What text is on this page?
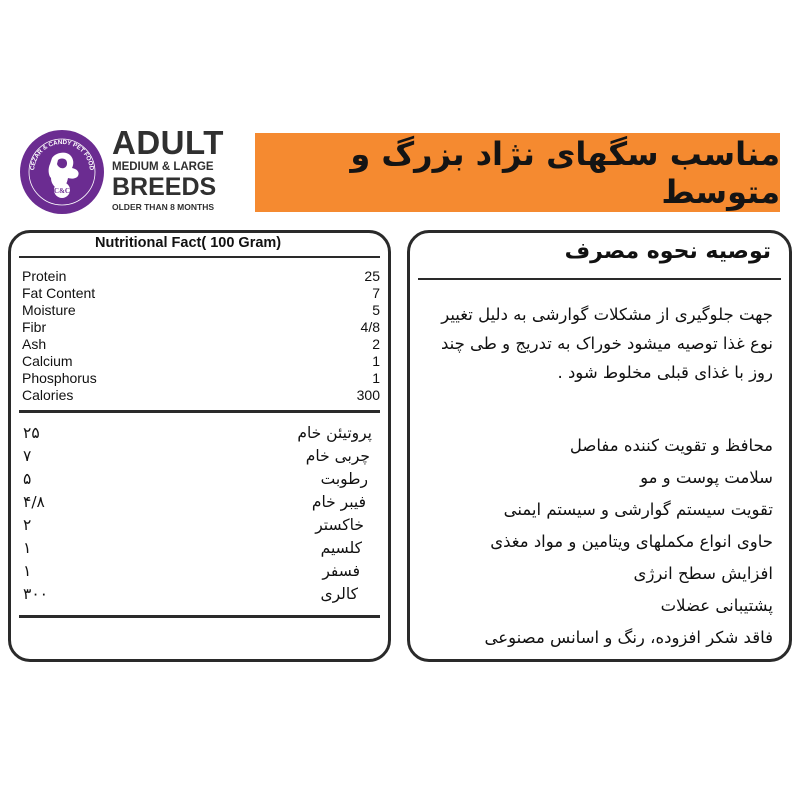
CEZAR & CANDY PET FOOD
C&C
ADULT
MEDIUM & LARGE
BREEDS
OLDER THAN 8 MONTHS
مناسب سگهای نژاد بزرگ و متوسط
Nutritional Fact( 100 Gram)
Protein	25
Fat Content	7
Moisture	5
Fibr	4/8
Ash	2
Calcium	1
Phosphorus	1
Calories	300
۲۵	پروتیئن خام
۷	چربی خام
۵	رطوبت
۴/۸	فیبر خام
۲	خاکستر
۱	کلسیم
۱	فسفر
۳۰۰	کالری
توصیه نحوه مصرف
جهت جلوگیری از مشکلات گوارشی به دلیل تغییر نوع غذا توصیه میشود خوراک به تدریج و طی چند روز با غذای قبلی مخلوط شود .
محافظ و تقویت کننده مفاصل
سلامت پوست و مو
تقویت سیستم گوارشی و سیستم ایمنی
حاوی انواع مکملهای ویتامین و مواد مغذی
افزایش سطح انرژی
پشتیبانی عضلات
فاقد شکر افزوده، رنگ و اسانس مصنوعی
